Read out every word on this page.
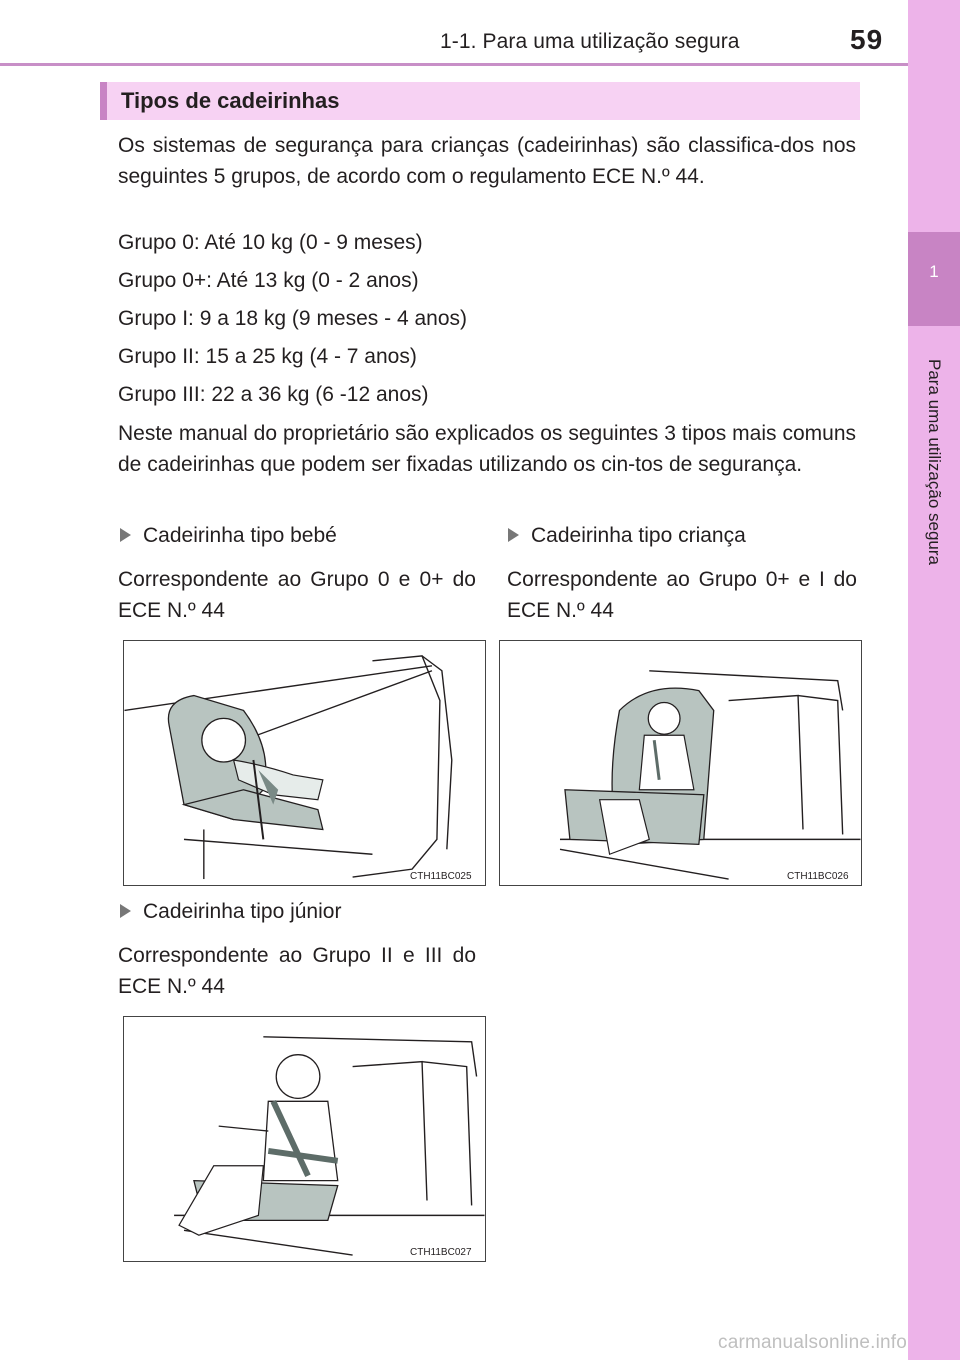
1-1. Para uma utilização segura	59
1
Para uma utilização segura
Tipos de cadeirinhas

Os sistemas de segurança para crianças (cadeirinhas) são classifica-dos nos seguintes 5 grupos, de acordo com o regulamento ECE N.º 44.

Grupo 0: Até 10 kg (0 - 9 meses)
Grupo 0+: Até 13 kg (0 - 2 anos)
Grupo I: 9 a 18 kg (9 meses - 4 anos)
Grupo II: 15 a 25 kg (4 - 7 anos)
Grupo III: 22 a 36 kg (6 -12 anos)

Neste manual do proprietário são explicados os seguintes 3 tipos mais comuns de cadeirinhas que podem ser fixadas utilizando os cin-tos de segurança.

Cadeirinha tipo bebé

Correspondente ao Grupo 0 e 0+ do ECE N.º 44

Cadeirinha tipo criança

Correspondente ao Grupo 0+ e I do ECE N.º 44

CTH11BC025	CTH11BC026
Cadeirinha tipo júnior

Correspondente ao Grupo II e III do ECE N.º 44

CTH11BC027
carmanualsonline.info
